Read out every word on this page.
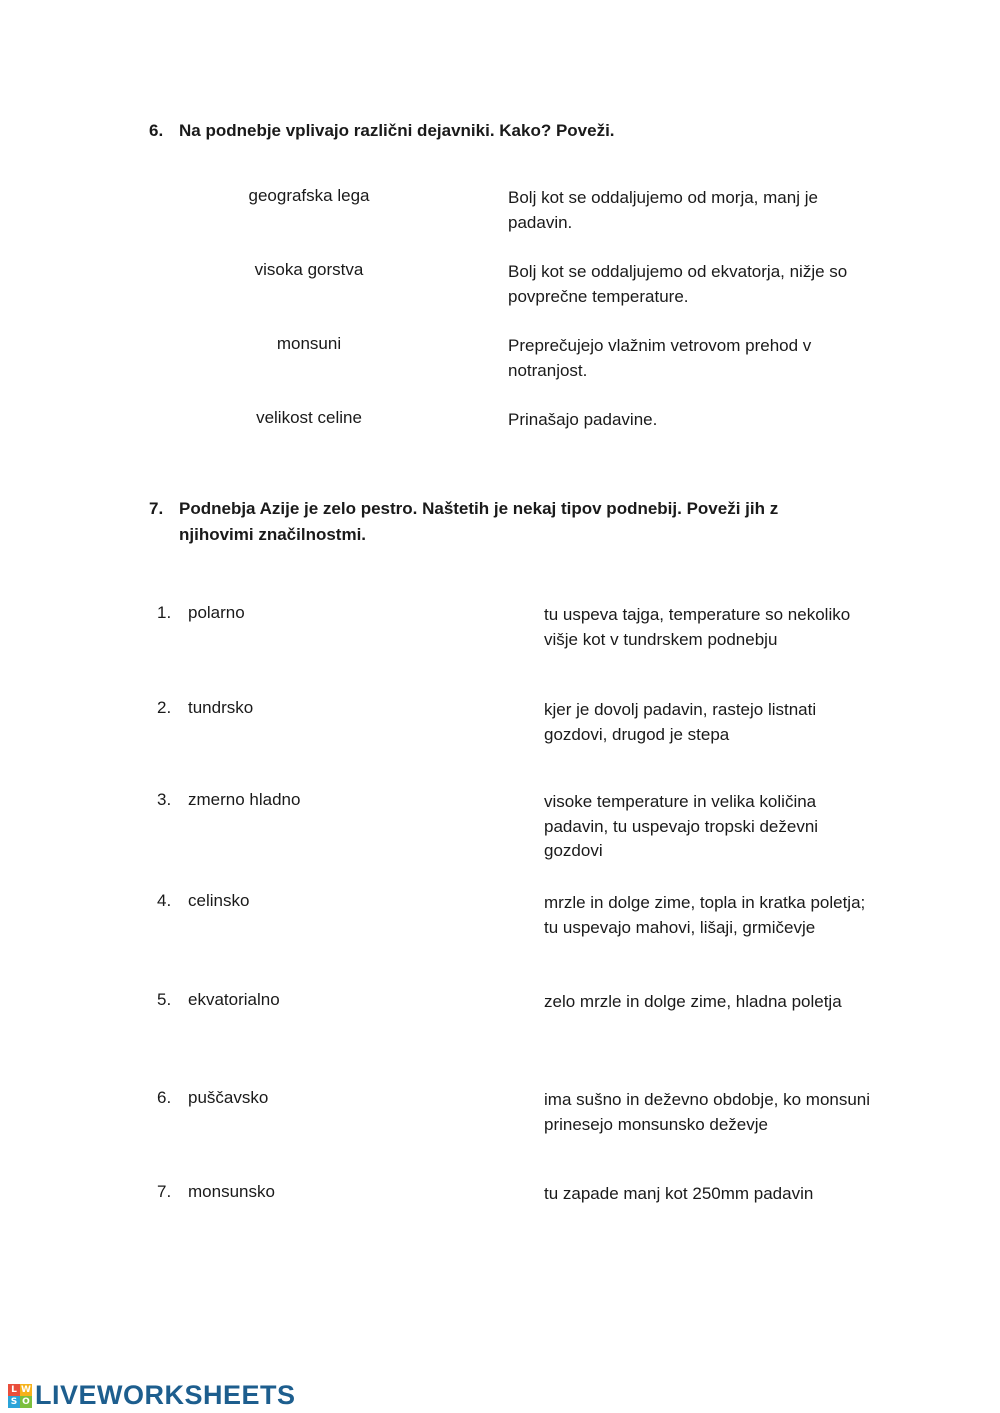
6. Na podnebje vplivajo različni dejavniki. Kako? Poveži.
geografska lega	Bolj kot se oddaljujemo od morja, manj je padavin.
visoka gorstva	Bolj kot se oddaljujemo od ekvatorja, nižje so povprečne temperature.
monsuni	Preprečujejo vlažnim vetrovom prehod v notranjost.
velikost celine	Prinašajo padavine.
7. Podnebja Azije je zelo pestro. Naštetih je nekaj tipov podnebij. Poveži jih z njihovimi značilnostmi.
1. polarno	tu uspeva tajga, temperature so nekoliko višje kot v tundrskem podnebju
2. tundrsko	kjer je dovolj padavin, rastejo listnati gozdovi, drugod je stepa
3. zmerno hladno	visoke temperature in velika količina padavin, tu uspevajo tropski deževni gozdovi
4. celinsko	mrzle in dolge zime, topla in kratka poletja; tu uspevajo mahovi, lišaji, grmičevje
5. ekvatorialno	zelo mrzle in dolge zime, hladna poletja
6. puščavsko	ima sušno in deževno obdobje, ko monsuni prinesejo monsunsko deževje
7. monsunsko	tu zapade manj kot 250mm padavin
L W
S O LIVEWORKSHEETS
